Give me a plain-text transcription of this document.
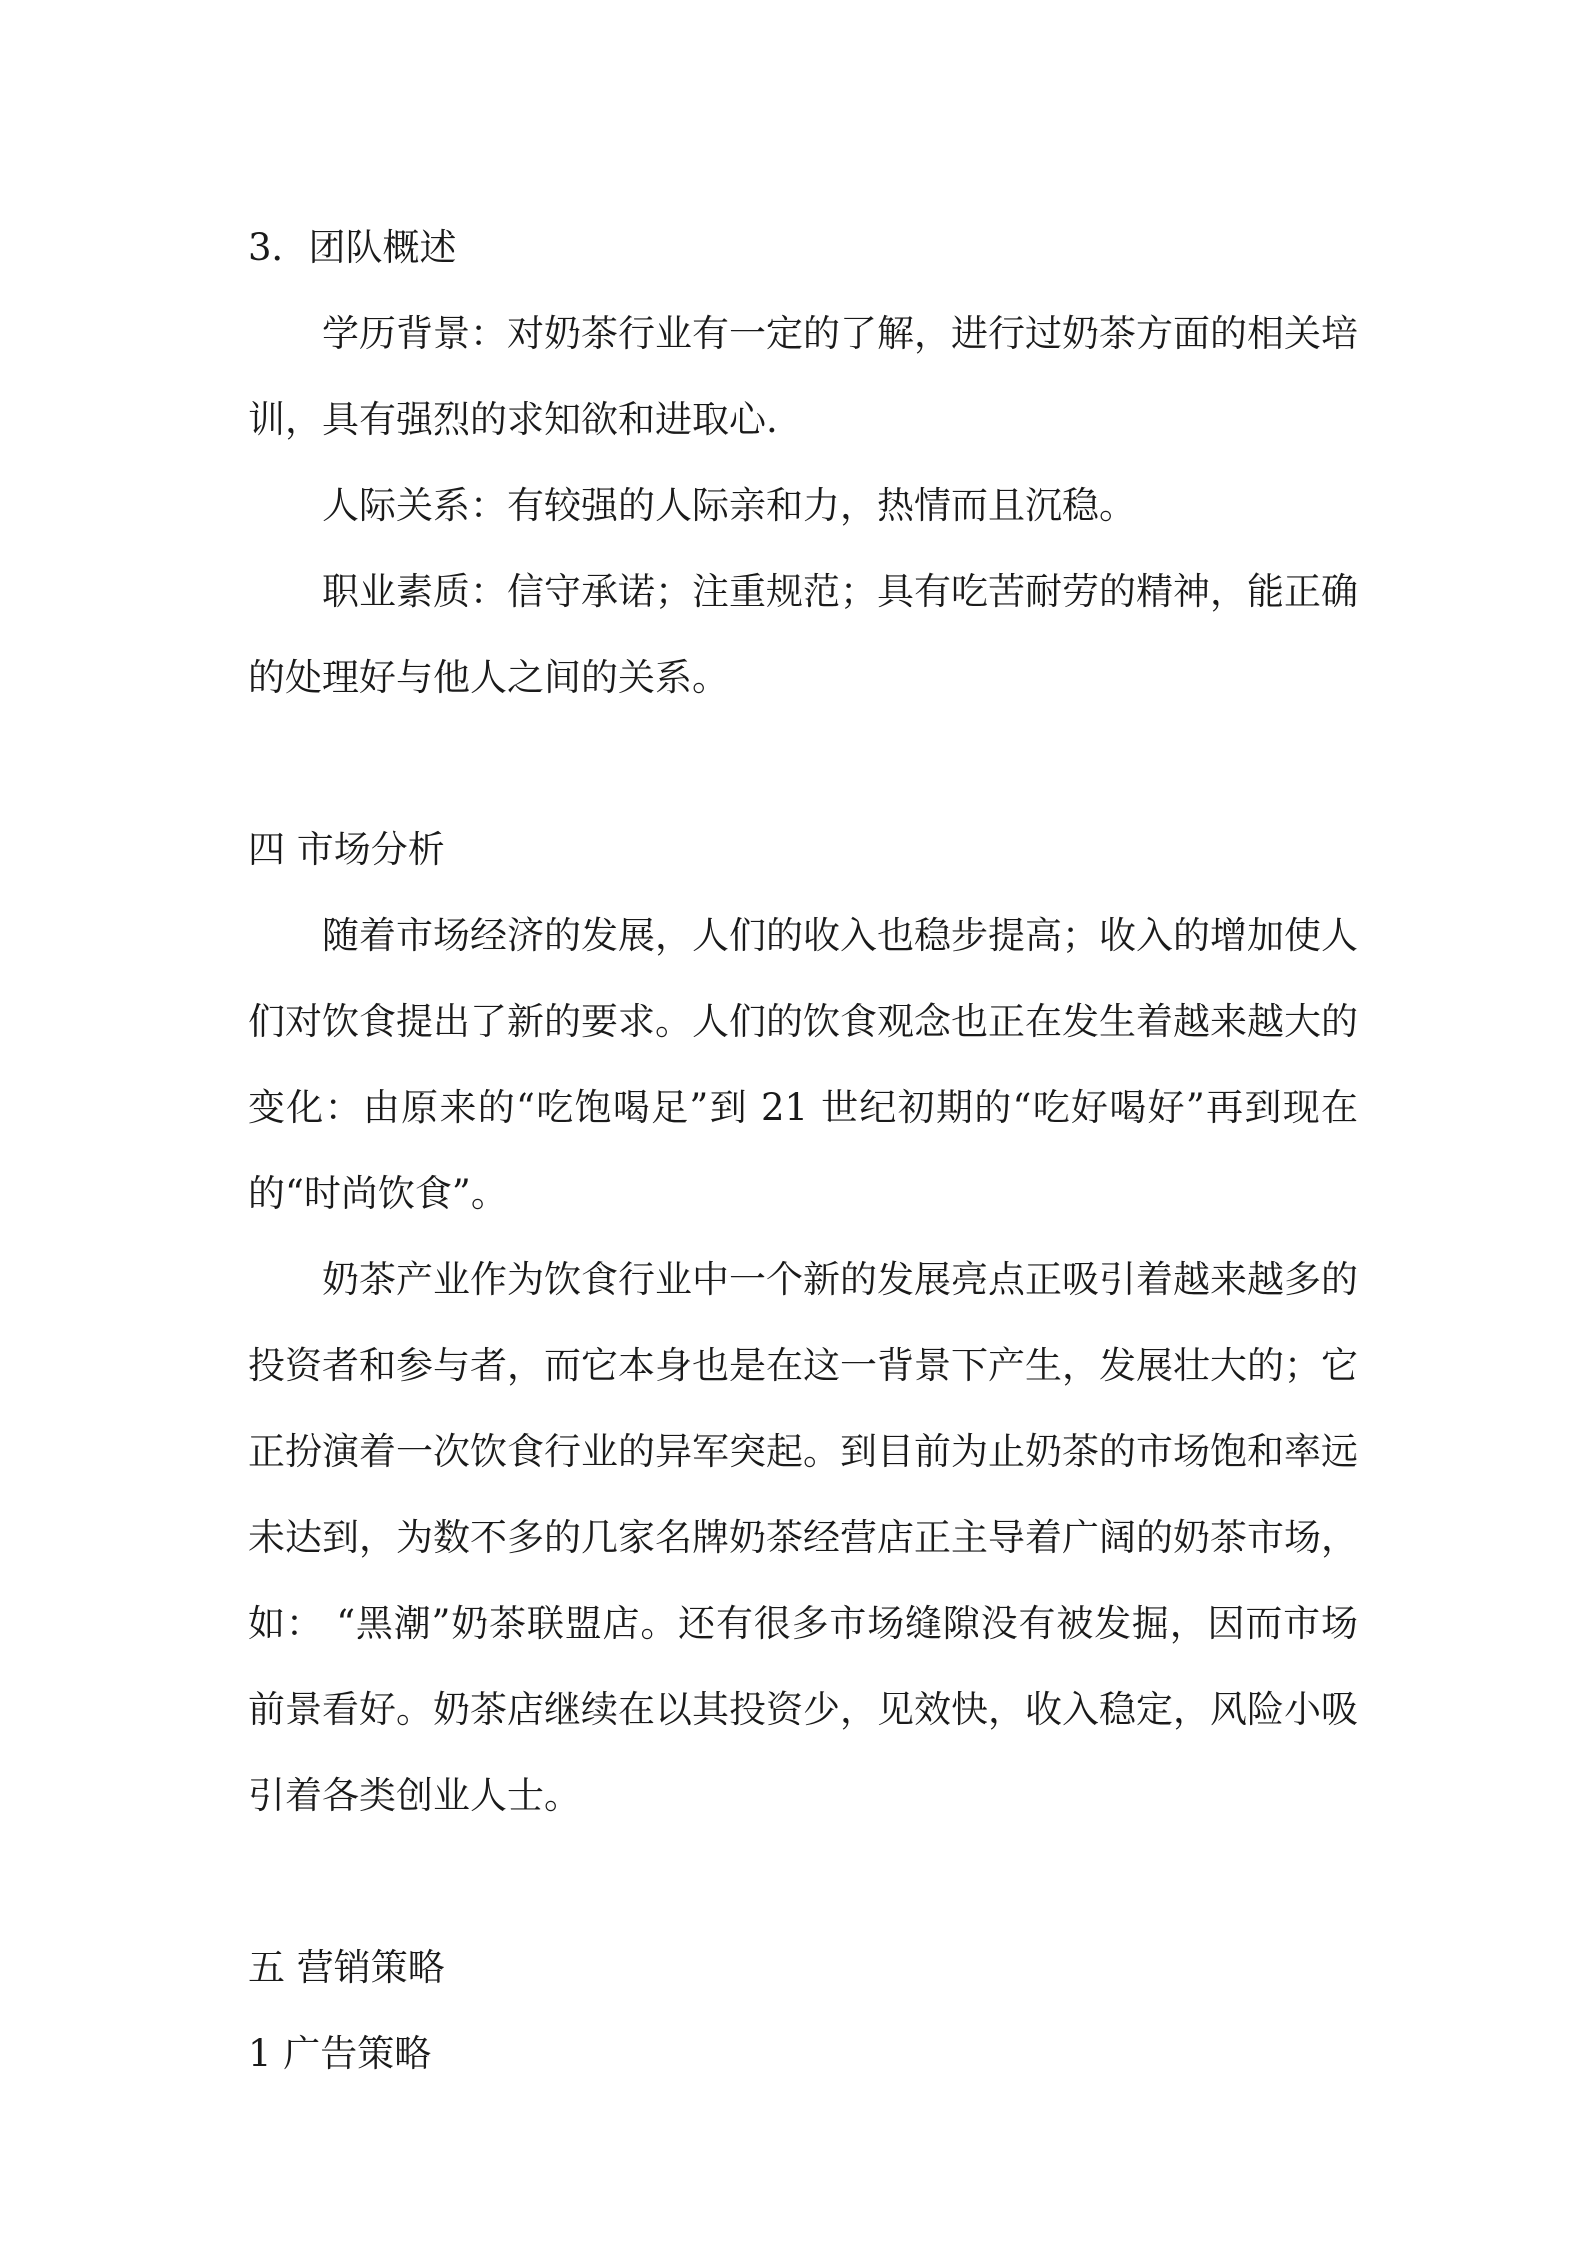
3．团队概述

学历背景：对奶茶行业有一定的了解，进行过奶茶方面的相关培训，具有强烈的求知欲和进取心.

人际关系：有较强的人际亲和力，热情而且沉稳。

职业素质：信守承诺；注重规范；具有吃苦耐劳的精神，能正确的处理好与他人之间的关系。

四 市场分析

随着市场经济的发展，人们的收入也稳步提高；收入的增加使人们对饮食提出了新的要求。人们的饮食观念也正在发生着越来越大的变化：由原来的“吃饱喝足”到 21 世纪初期的“吃好喝好”再到现在的“时尚饮食”。

奶茶产业作为饮食行业中一个新的发展亮点正吸引着越来越多的投资者和参与者，而它本身也是在这一背景下产生，发展壮大的；它正扮演着一次饮食行业的异军突起。到目前为止奶茶的市场饱和率远未达到，为数不多的几家名牌奶茶经营店正主导着广阔的奶茶市场，如： “黑潮”奶茶联盟店。还有很多市场缝隙没有被发掘，因而市场前景看好。奶茶店继续在以其投资少，见效快，收入稳定，风险小吸引着各类创业人士。

五 营销策略

1 广告策略
